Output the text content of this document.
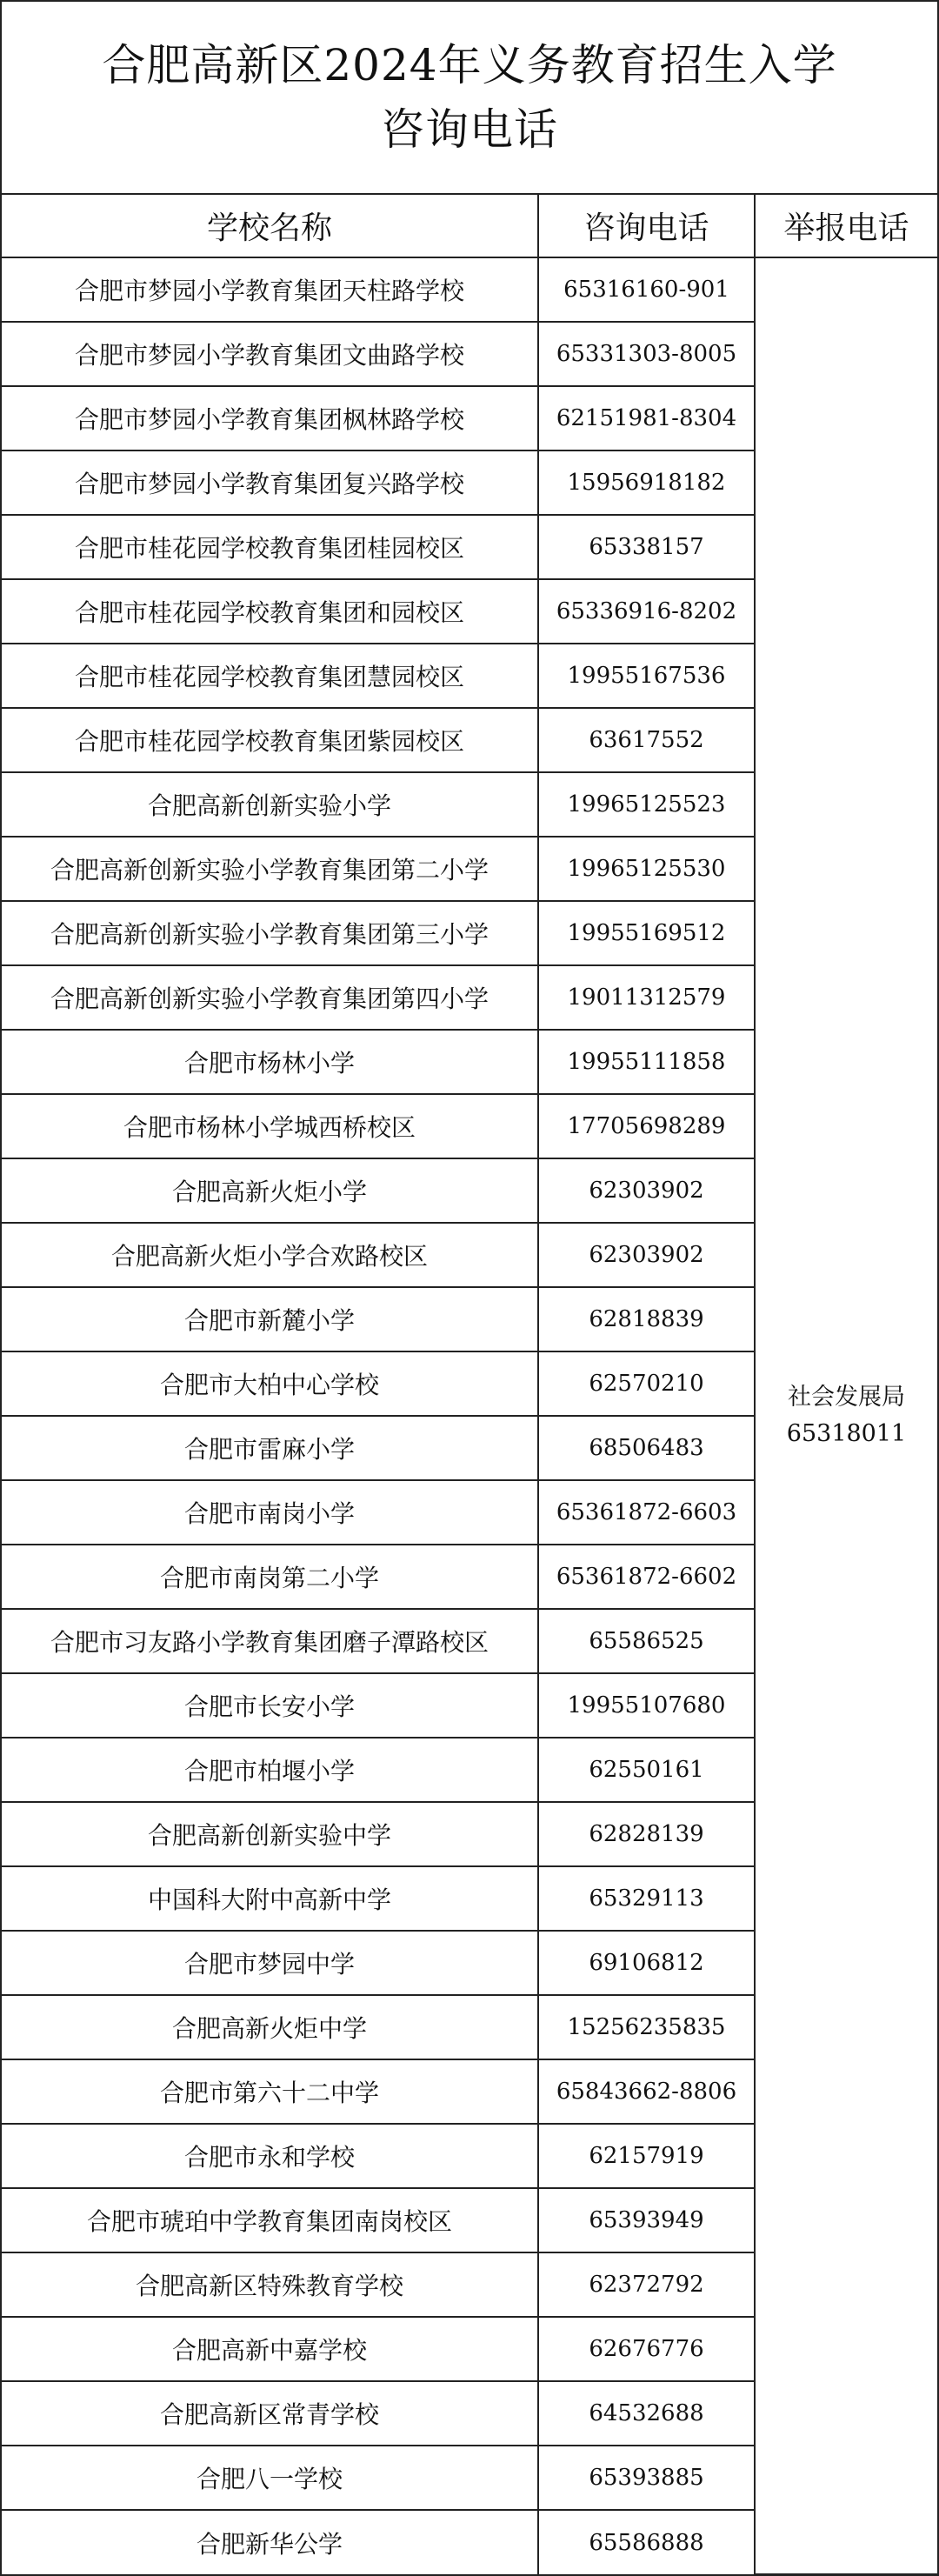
合肥高新区2024年义务教育招生入学
咨询电话
学校名称	咨询电话	举报电话
合肥市梦园小学教育集团天柱路学校	65316160-901	社会发展局
65318011

合肥市梦园小学教育集团文曲路学校	65331303-8005	
合肥市梦园小学教育集团枫林路学校	62151981-8304	
合肥市梦园小学教育集团复兴路学校	15956918182	
合肥市桂花园学校教育集团桂园校区	65338157	
合肥市桂花园学校教育集团和园校区	65336916-8202	
合肥市桂花园学校教育集团慧园校区	19955167536	
合肥市桂花园学校教育集团紫园校区	63617552	
合肥高新创新实验小学	19965125523	
合肥高新创新实验小学教育集团第二小学	19965125530	
合肥高新创新实验小学教育集团第三小学	19955169512	
合肥高新创新实验小学教育集团第四小学	19011312579	
合肥市杨林小学	19955111858	
合肥市杨林小学城西桥校区	17705698289	
合肥高新火炬小学	62303902	
合肥高新火炬小学合欢路校区	62303902	
合肥市新麓小学	62818839	
合肥市大柏中心学校	62570210	
合肥市雷麻小学	68506483	
合肥市南岗小学	65361872-6603	
合肥市南岗第二小学	65361872-6602	
合肥市习友路小学教育集团磨子潭路校区	65586525	
合肥市长安小学	19955107680	
合肥市柏堰小学	62550161	
合肥高新创新实验中学	62828139	
中国科大附中高新中学	65329113	
合肥市梦园中学	69106812	
合肥高新火炬中学	15256235835	
合肥市第六十二中学	65843662-8806	
合肥市永和学校	62157919	
合肥市琥珀中学教育集团南岗校区	65393949	
合肥高新区特殊教育学校	62372792	
合肥高新中嘉学校	62676776	
合肥高新区常青学校	64532688	
合肥八一学校	65393885	
合肥新华公学	65586888	
